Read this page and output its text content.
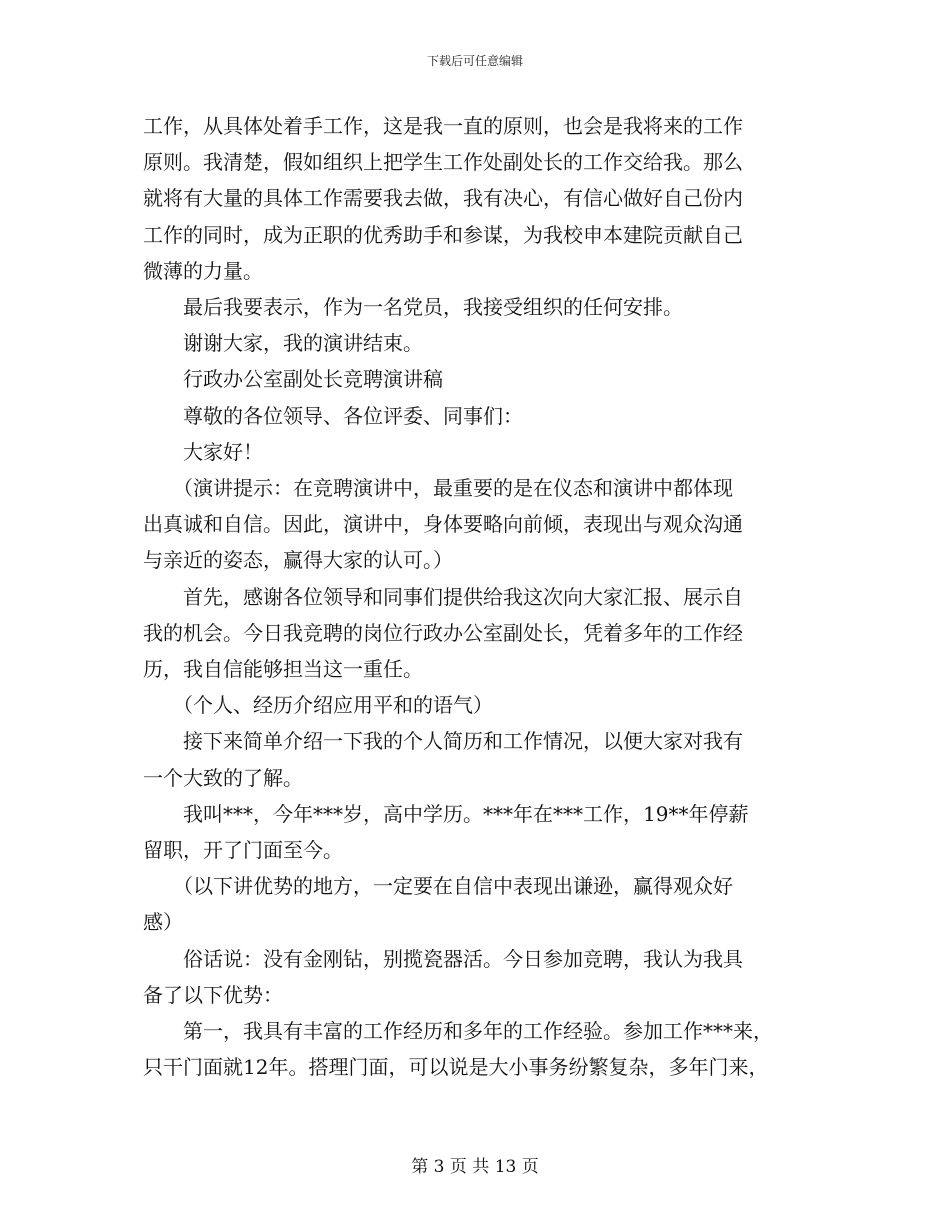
下载后可任意编辑

工作，从具体处着手工作，这是我一直的原则，也会是我将来的工作

原则。我清楚，假如组织上把学生工作处副处长的工作交给我。那么

就将有大量的具体工作需要我去做，我有决心，有信心做好自己份内

工作的同时，成为正职的优秀助手和参谋，为我校申本建院贡献自己

微薄的力量。

　　最后我要表示，作为一名党员，我接受组织的任何安排。

　　谢谢大家，我的演讲结束。

　　行政办公室副处长竞聘演讲稿

　　尊敬的各位领导、各位评委、同事们：

　　大家好！

　　（演讲提示：在竞聘演讲中，最重要的是在仪态和演讲中都体现

出真诚和自信。因此，演讲中，身体要略向前倾，表现出与观众沟通

与亲近的姿态，赢得大家的认可。）

　　首先，感谢各位领导和同事们提供给我这次向大家汇报、展示自

我的机会。今日我竞聘的岗位行政办公室副处长，凭着多年的工作经

历，我自信能够担当这一重任。

　　（个人、经历介绍应用平和的语气）

　　接下来简单介绍一下我的个人简历和工作情况，以便大家对我有

一个大致的了解。

　　我叫***，今年***岁，高中学历。***年在***工作，19**年停薪

留职，开了门面至今。

　　（以下讲优势的地方，一定要在自信中表现出谦逊，赢得观众好

感）

　　俗话说：没有金刚钻，别揽瓷器活。今日参加竞聘，我认为我具

备了以下优势：

　　第一，我具有丰富的工作经历和多年的工作经验。参加工作***来，

只干门面就12年。搭理门面，可以说是大小事务纷繁复杂，多年门来，

第 3 页 共 13 页
